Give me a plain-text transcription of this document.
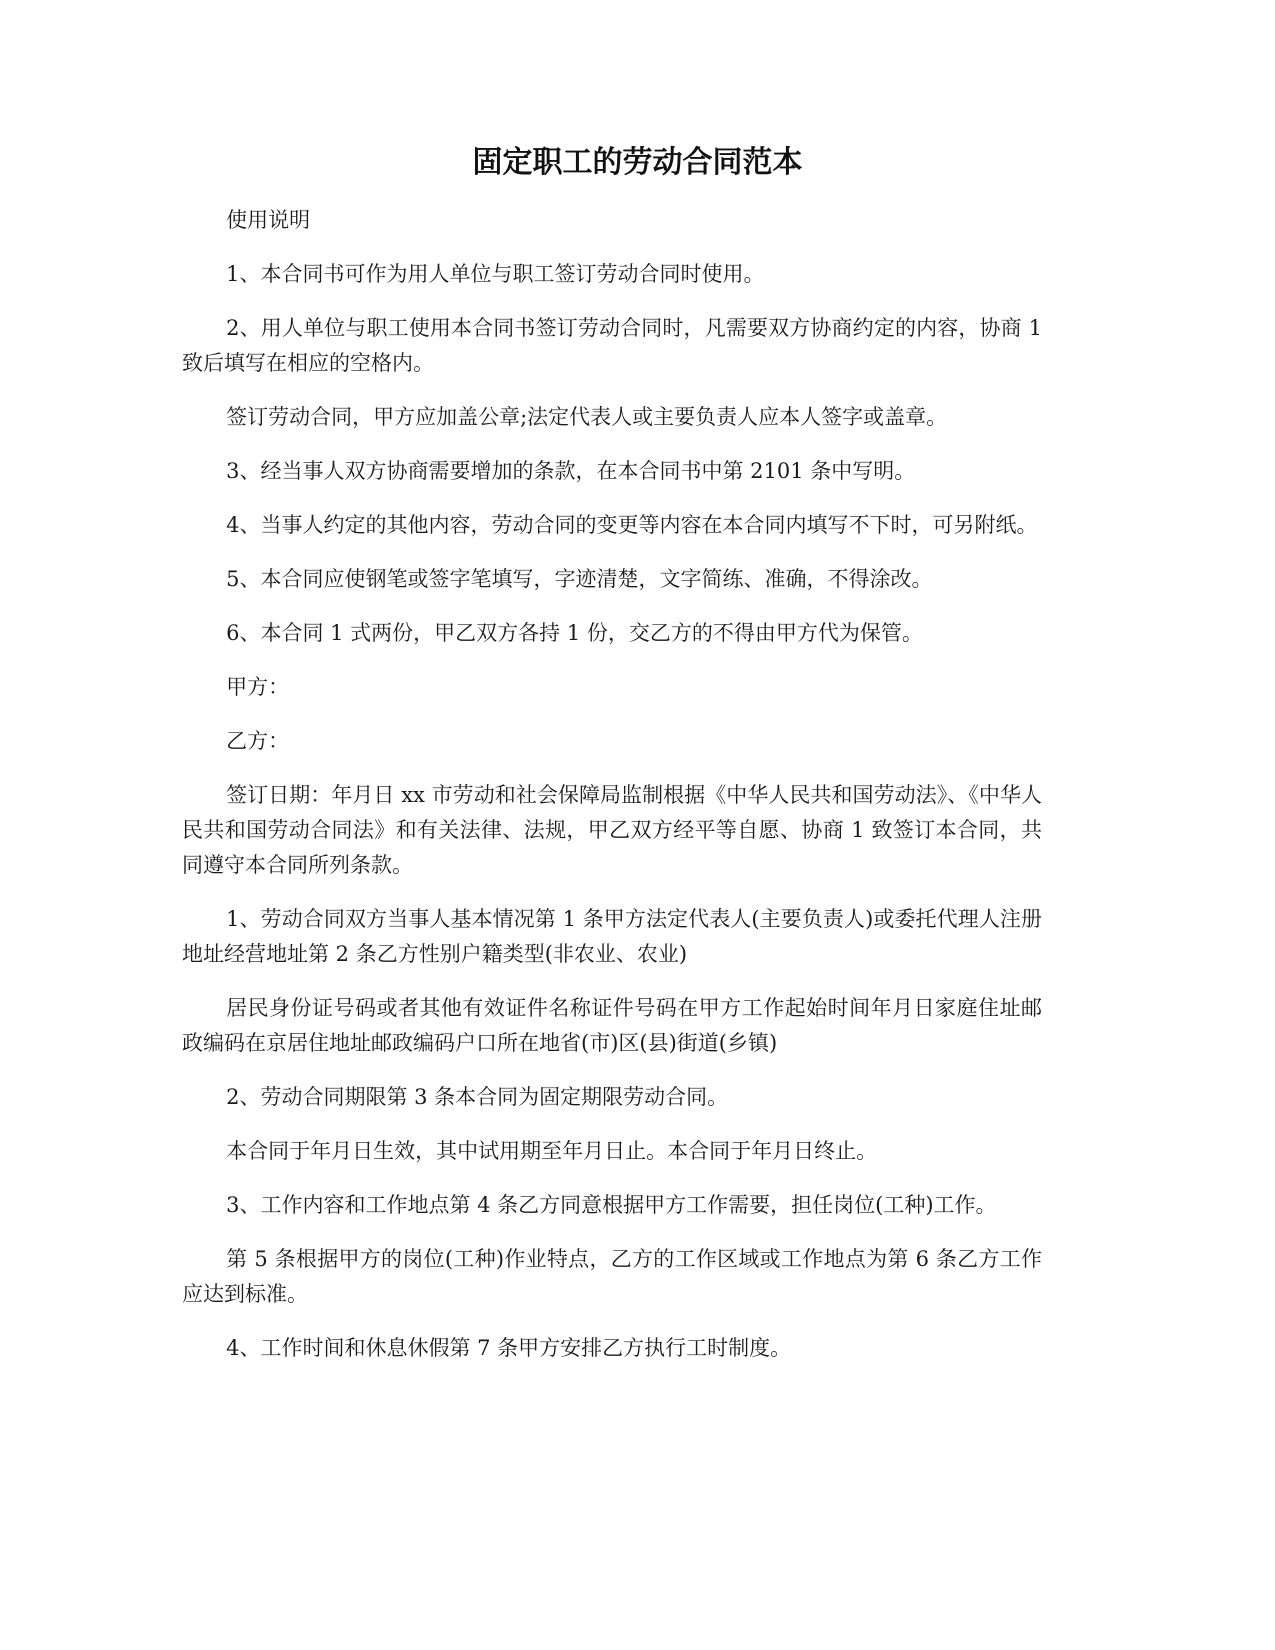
固定职工的劳动合同范本

使用说明

1、本合同书可作为用人单位与职工签订劳动合同时使用。

2、用人单位与职工使用本合同书签订劳动合同时，凡需要双方协商约定的内容，协商 1 致后填写在相应的空格内。

签订劳动合同，甲方应加盖公章;法定代表人或主要负责人应本人签字或盖章。

3、经当事人双方协商需要增加的条款，在本合同书中第 2101 条中写明。

4、当事人约定的其他内容，劳动合同的变更等内容在本合同内填写不下时，可另附纸。

5、本合同应使钢笔或签字笔填写，字迹清楚，文字简练、准确，不得涂改。

6、本合同 1 式两份，甲乙双方各持 1 份，交乙方的不得由甲方代为保管。

甲方：

乙方：

签订日期：年月日 xx 市劳动和社会保障局监制根据《中华人民共和国劳动法》、《中华人民共和国劳动合同法》和有关法律、法规，甲乙双方经平等自愿、协商 1 致签订本合同，共同遵守本合同所列条款。

1、劳动合同双方当事人基本情况第 1 条甲方法定代表人(主要负责人)或委托代理人注册地址经营地址第 2 条乙方性别户籍类型(非农业、农业)

居民身份证号码或者其他有效证件名称证件号码在甲方工作起始时间年月日家庭住址邮政编码在京居住地址邮政编码户口所在地省(市)区(县)街道(乡镇)

2、劳动合同期限第 3 条本合同为固定期限劳动合同。

本合同于年月日生效，其中试用期至年月日止。本合同于年月日终止。

3、工作内容和工作地点第 4 条乙方同意根据甲方工作需要，担任岗位(工种)工作。

第 5 条根据甲方的岗位(工种)作业特点，乙方的工作区域或工作地点为第 6 条乙方工作应达到标准。

4、工作时间和休息休假第 7 条甲方安排乙方执行工时制度。
